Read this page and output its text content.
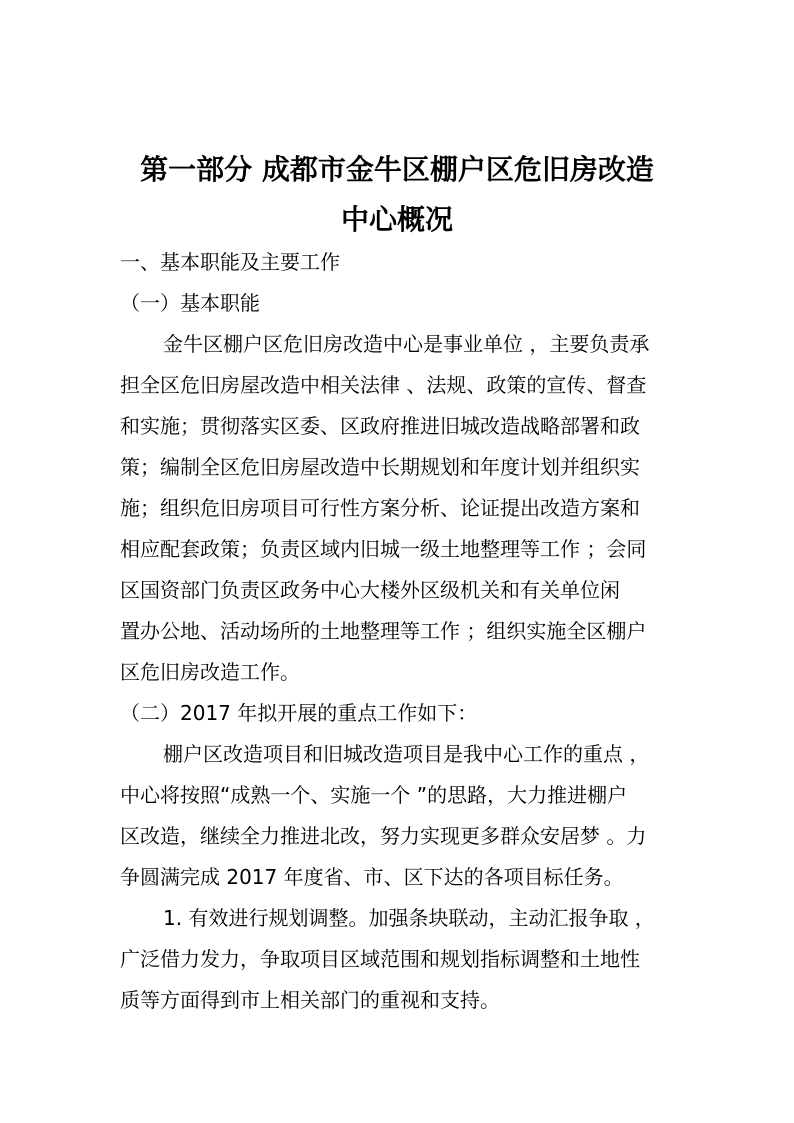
第一部分 成都市金牛区棚户区危旧房改造
中心概况
一、基本职能及主要工作
（一）基本职能
金牛区棚户区危旧房改造中心是事业单位 ，主要负责承
担全区危旧房屋改造中相关法律 、法规、政策的宣传、督查
和实施；贯彻落实区委、区政府推进旧城改造战略部署和政
策；编制全区危旧房屋改造中长期规划和年度计划并组织实
施；组织危旧房项目可行性方案分析、论证提出改造方案和
相应配套政策；负责区域内旧城一级土地整理等工作 ；会同
区国资部门负责区政务中心大楼外区级机关和有关单位闲
置办公地、活动场所的土地整理等工作 ；组织实施全区棚户
区危旧房改造工作。
（二）2017 年拟开展的重点工作如下：
棚户区改造项目和旧城改造项目是我中心工作的重点 ，
中心将按照“成熟一个、实施一个 ”的思路，大力推进棚户
区改造，继续全力推进北改，努力实现更多群众安居梦 。力
争圆满完成 2017 年度省、市、区下达的各项目标任务。
1. 有效进行规划调整。加强条块联动，主动汇报争取 ，
广泛借力发力，争取项目区域范围和规划指标调整和土地性
质等方面得到市上相关部门的重视和支持。
